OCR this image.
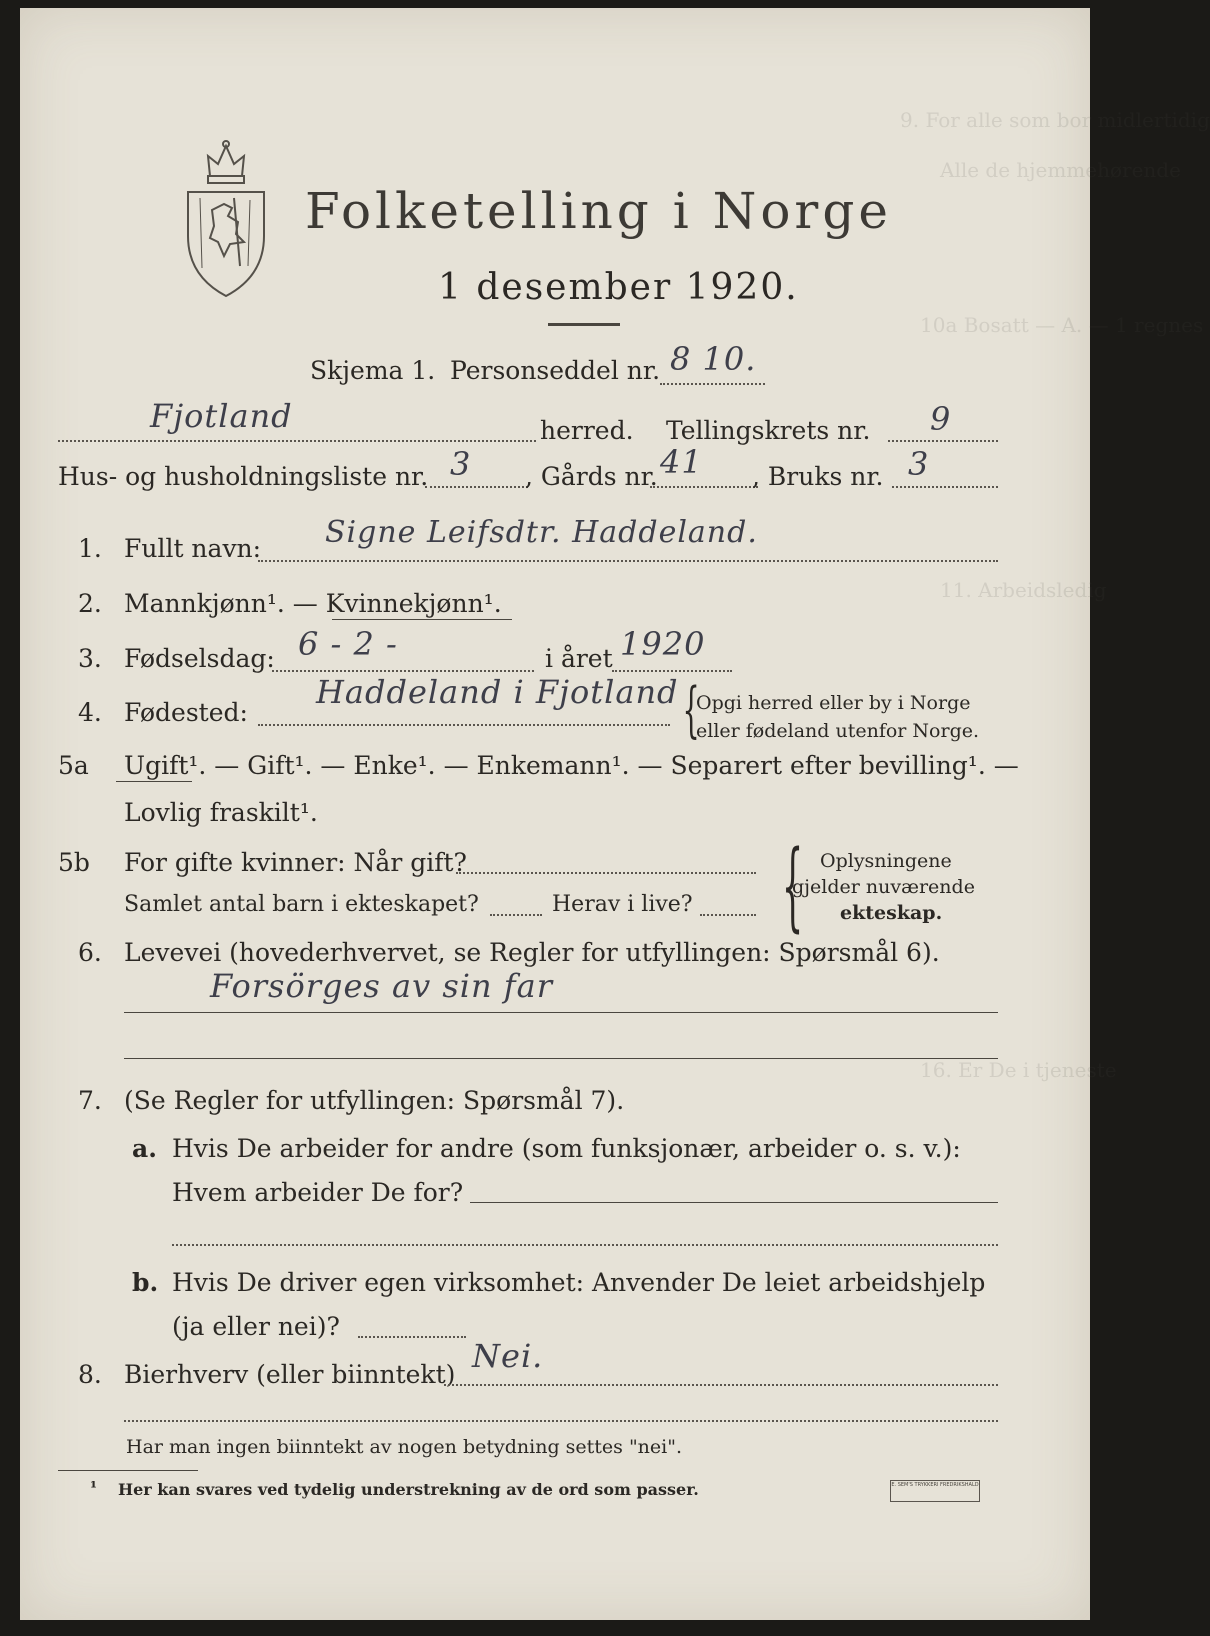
9. For alle som bor midlertidig
Alle de hjemmehørende
10a Bosatt — A. — 1 regnes
11. Arbeidsledig
16. Er De i tjeneste
Folketelling i Norge
1 desember 1920.
Skjema 1. Personseddel nr. 8 10.
Fjotland	herred. Tellingskrets nr. 9
Hus- og husholdningsliste nr. 3 , Gårds nr. 41 , Bruks nr. 3
1. Fullt navn: Signe Leifsdtr. Haddeland.
2. Mannkjønn¹. — Kvinnekjønn¹.
3. Fødselsdag: 6 - 2 -	i året 1920
4. Fødested:
Haddeland i Fjotland {
Opgi herred eller by i Norge
eller fødeland utenfor Norge.
5a Ugift¹. — Gift¹. — Enke¹. — Enkemann¹. — Separert efter bevilling¹. —
Lovlig fraskilt¹.
5b For gifte kvinner: Når gift?
Samlet antal barn i ekteskapet?	Herav i live? { Oplysningene
gjelder nuværende
ekteskap.
6. Levevei (hovederhvervet, se Regler for utfyllingen: Spørsmål 6).
Forsörges av sin far
7. (Se Regler for utfyllingen: Spørsmål 7).
a. Hvis De arbeider for andre (som funksjonær, arbeider o. s. v.):
Hvem arbeider De for?
b. Hvis De driver egen virksomhet: Anvender De leiet arbeidshjelp
(ja eller nei)?
8. Bierhverv (eller biinntekt) Nei.
Har man ingen biinntekt av nogen betydning settes "nei".
¹ Her kan svares ved tydelig understrekning av de ord som passer.	E. SEM'S TRYKKERI FREDRIKSHALD
